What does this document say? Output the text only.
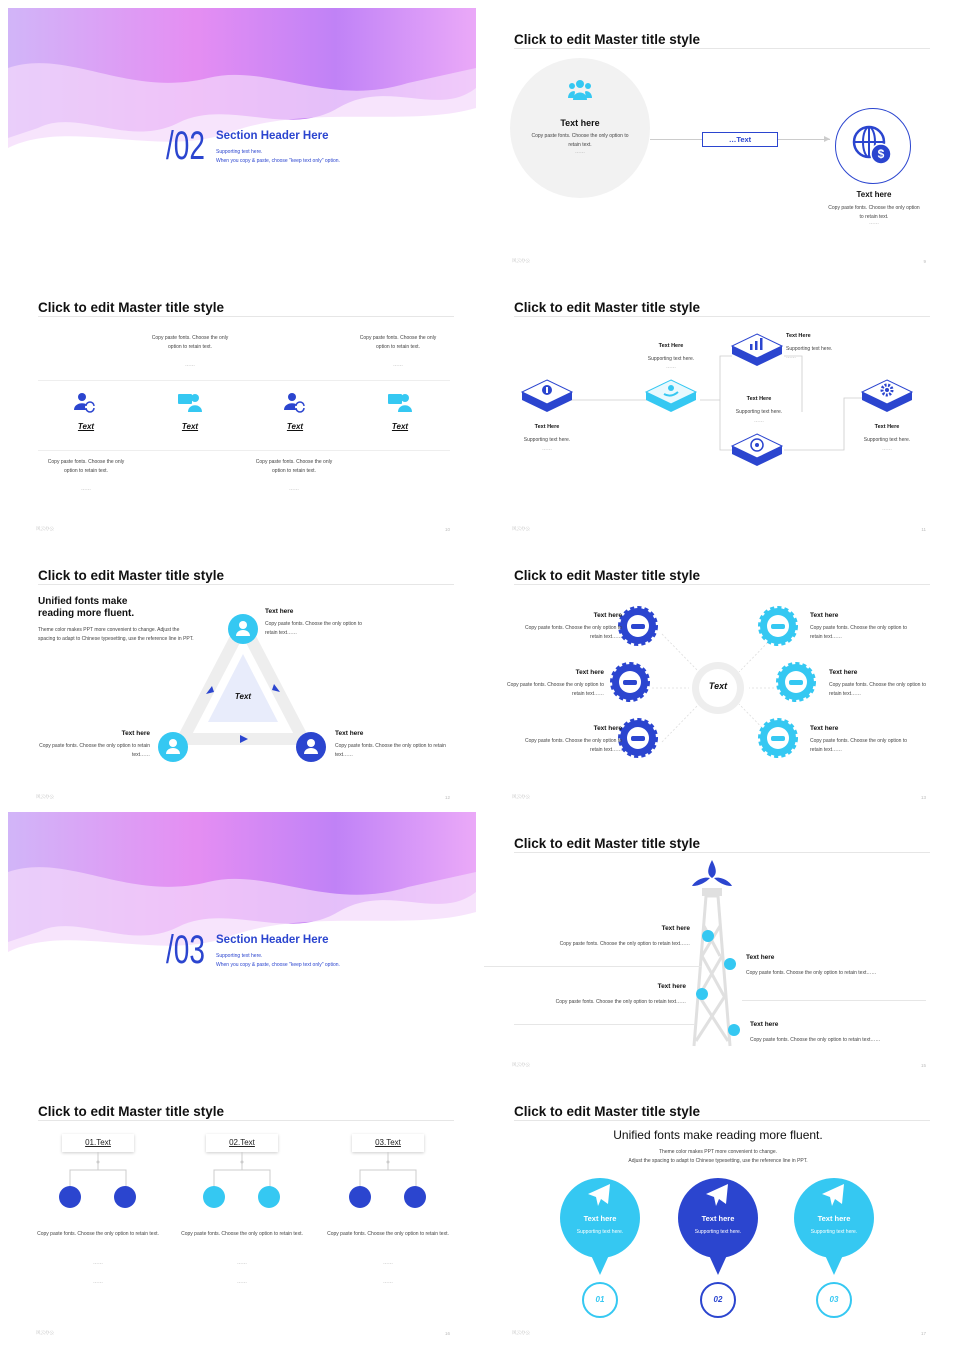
/02 Section Header Here
Supporting text here.
When you copy & paste, choose "keep text only" option.
Click to edit Master title style
Text here
Copy paste fonts. Choose the only option to retain text.
……
…Text
$
Text here
Copy paste fonts. Choose the only option to retain text.
……
风云办公	9
Click to edit Master title style
Copy paste fonts. Choose the only option to retain text.
……
Copy paste fonts. Choose the only option to retain text.
……
Text	Text	Text	Text
Copy paste fonts. Choose the only option to retain text.
……
Copy paste fonts. Choose the only option to retain text.
……
风云办公	10
Click to edit Master title style
Text Here
Supporting text here.
……
Text Here
Supporting text here.
……
Text Here
Supporting text here.
……
Text Here
Supporting text here.
……
Text Here
Supporting text here.
……
风云办公	11
Click to edit Master title style
Unified fonts make reading more fluent.
Theme color makes PPT more convenient to change. Adjust the spacing to adapt to Chinese typesetting, use the reference line in PPT.
Text
Text here
Copy paste fonts. Choose the only option to retain text……
Text here
Copy paste fonts. Choose the only option to retain text……
Text here
Copy paste fonts. Choose the only option to retain text……
风云办公	12
Click to edit Master title style
Text
Text here
Copy paste fonts. Choose the only option to retain text……
Text here
Copy paste fonts. Choose the only option to retain text……
Text here
Copy paste fonts. Choose the only option to retain text……
Text here
Copy paste fonts. Choose the only option to retain text……
Text here
Copy paste fonts. Choose the only option to retain text……
Text here
Copy paste fonts. Choose the only option to retain text……
风云办公	13
/03 Section Header Here
Supporting text here.
When you copy & paste, choose "keep text only" option.
Click to edit Master title style
Text here
Copy paste fonts. Choose the only option to retain text……
Text here
Copy paste fonts. Choose the only option to retain text……
Text here
Copy paste fonts. Choose the only option to retain text……
Text here
Copy paste fonts. Choose the only option to retain text……
风云办公	15
Click to edit Master title style
01.Text
Copy paste fonts. Choose the only option to retain text.
……
……
02.Text
Copy paste fonts. Choose the only option to retain text.
……
……
03.Text
Copy paste fonts. Choose the only option to retain text.
……
……
风云办公	16
Click to edit Master title style
Unified fonts make reading more fluent.
Theme color makes PPT more convenient to change.
Adjust the spacing to adapt to Chinese typesetting, use the reference line in PPT.
Text here
Supporting text here.
01
Text here
Supporting text here.
02
Text here
Supporting text here.
03
风云办公	17
